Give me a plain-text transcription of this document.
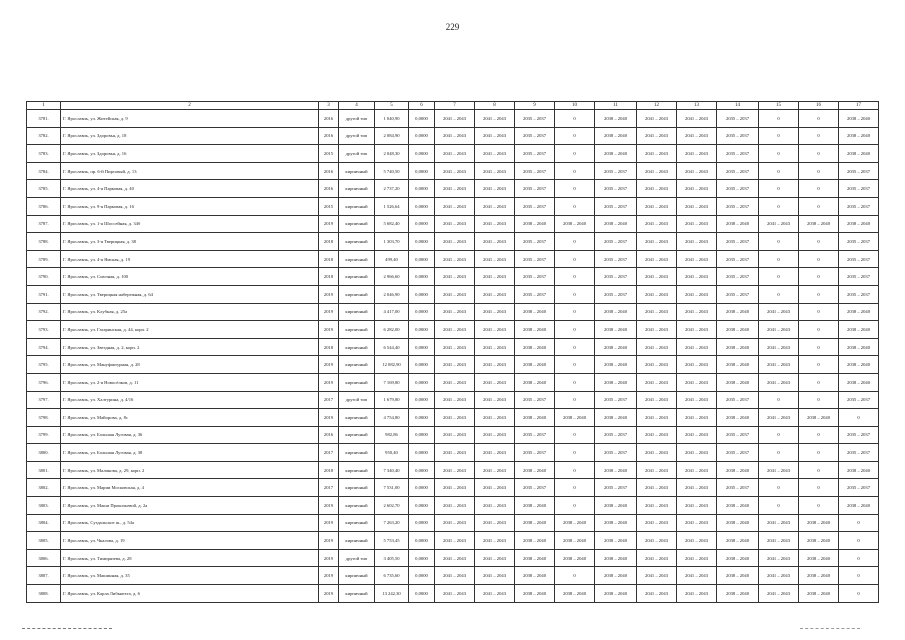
229
1	2	3	4	5	6	7	8	9	10	11	12	13	14	15	16	17
3781.	Г. Ярославль, ул. Житейская, д. 9	2016	другой тип	1 040,90	0,0000	2041 – 2043	2041 – 2043	2035 – 2037	0	2038 – 2040	2041 – 2043	2041 – 2043	2035 – 2037	0	0	2038 – 2040
3782.	Г. Ярославль, ул. Здоровья, д. 18	2016	другой тип	2 084,90	0,0000	2041 – 2043	2041 – 2043	2035 – 2037	0	2038 – 2040	2041 – 2043	2041 – 2043	2035 – 2037	0	0	2038 – 2040
3783.	Г. Ярославль, ул. Здоровья, д. 16	2015	другой тип	2 048,30	0,0000	2041 – 2043	2041 – 2043	2035 – 2037	0	2038 – 2040	2041 – 2043	2041 – 2043	2035 – 2037	0	0	2038 – 2040
3784.	Г. Ярославль, пр. 6-й Пирсовый, д. 13	2016	кирпичный	5 740,50	0,0000	2041 – 2043	2041 – 2043	2035 – 2037	0	2035 – 2037	2041 – 2043	2041 – 2043	2035 – 2037	0	0	2035 – 2037
3785.	Г. Ярославль, ул. 4-я Парковая, д. 40	2016	кирпичный	2 737,20	0,0000	2041 – 2043	2041 – 2043	2035 – 2037	0	2035 – 2037	2041 – 2043	2041 – 2043	2035 – 2037	0	0	2035 – 2037
3786.	Г. Ярославль, ул. 9-я Парковая, д. 16	2015	кирпичный	1 526,64	0,0000	2041 – 2043	2041 – 2043	2035 – 2037	0	2035 – 2037	2041 – 2043	2041 – 2043	2035 – 2037	0	0	2035 – 2037
3787.	Г. Ярославль, ул. 1-я Шоссейная, д. 34б	2019	кирпичный	5 682,40	0,0000	2041 – 2043	2041 – 2043	2038 – 2040	2038 – 2040	2038 – 2040	2041 – 2043	2041 – 2043	2038 – 2040	2041 – 2043	2038 – 2040	2038 – 2040
3788.	Г. Ярославль, ул. 3-я Тверицкая, д. 38	2018	кирпичный	1 303,70	0,0000	2041 – 2043	2041 – 2043	2035 – 2037	0	2035 – 2037	2041 – 2043	2041 – 2043	2035 – 2037	0	0	2035 – 2037
3789.	Г. Ярославль, ул. 4-я Ямская, д. 19	2018	кирпичный	499,40	0,0000	2041 – 2043	2041 – 2043	2035 – 2037	0	2035 – 2037	2041 – 2043	2041 – 2043	2035 – 2037	0	0	2035 – 2037
3790.	Г. Ярославль, ул. Союзная, д. 100	2018	кирпичный	2 966,60	0,0000	2041 – 2043	2041 – 2043	2035 – 2037	0	2035 – 2037	2041 – 2043	2041 – 2043	2035 – 2037	0	0	2035 – 2037
3791.	Г. Ярославль, ул. Тверицкая набережная, д. 64	2019	кирпичный	2 046,90	0,0000	2041 – 2043	2041 – 2043	2035 – 2037	0	2035 – 2037	2041 – 2043	2041 – 2043	2035 – 2037	0	0	2035 – 2037
3792.	Г. Ярославль, ул. Клубная, д. 25а	2019	кирпичный	4 417,00	0,0000	2041 – 2043	2041 – 2043	2038 – 2040	0	2038 – 2040	2041 – 2043	2041 – 2043	2038 – 2040	2041 – 2043	0	2038 – 2040
3793.	Г. Ярославль, ул. Гагаринская, д. 44, корп. 2	2019	кирпичный	6 282,00	0,0000	2041 – 2043	2041 – 2043	2038 – 2040	0	2038 – 2040	2041 – 2043	2041 – 2043	2038 – 2040	2041 – 2043	0	2038 – 2040
3794.	Г. Ярославль, ул. Звездная, д. 2, корп. 2	2018	кирпичный	6 544,40	0,0000	2041 – 2043	2041 – 2043	2038 – 2040	0	2038 – 2040	2041 – 2043	2041 – 2043	2038 – 2040	2041 – 2043	0	2038 – 2040
3795.	Г. Ярославль, ул. Мануфактурная, д. 28	2019	кирпичный	12 082,90	0,0000	2041 – 2043	2041 – 2043	2038 – 2040	0	2038 – 2040	2041 – 2043	2041 – 2043	2038 – 2040	2041 – 2043	0	2038 – 2040
3796.	Г. Ярославль, ул. 2-я Новосёлков, д. 11	2019	кирпичный	7 169,80	0,0000	2041 – 2043	2041 – 2043	2038 – 2040	0	2038 – 2040	2041 – 2043	2041 – 2043	2038 – 2040	2041 – 2043	0	2038 – 2040
3797.	Г. Ярославль, ул. Халтурина, д. 4/16	2017	другой тип	1 679,80	0,0000	2041 – 2043	2041 – 2043	2035 – 2037	0	2035 – 2037	2041 – 2043	2041 – 2043	2035 – 2037	0	0	2035 – 2037
3798.	Г. Ярославль, ул. Майорова, д. 8с	2019	кирпичный	4 754,80	0,0000	2041 – 2043	2041 – 2043	2038 – 2040	2038 – 2040	2038 – 2040	2041 – 2043	2041 – 2043	2038 – 2040	2041 – 2043	2038 – 2040	0
3799.	Г. Ярославль, ул. Большая Луговая, д. 36	2016	кирпичный	982,86	0,0000	2041 – 2043	2041 – 2043	2035 – 2037	0	2035 – 2037	2041 – 2043	2041 – 2043	2035 – 2037	0	0	2035 – 2037
3800.	Г. Ярославль, ул. Большая Луговая, д. 38	2017	кирпичный	950,40	0,0000	2041 – 2043	2041 – 2043	2035 – 2037	0	2035 – 2037	2041 – 2043	2041 – 2043	2035 – 2037	0	0	2035 – 2037
3801.	Г. Ярославль, ул. Малинова, д. 29, корп. 2	2018	кирпичный	7 340,40	0,0000	2041 – 2043	2041 – 2043	2038 – 2040	0	2038 – 2040	2041 – 2043	2041 – 2043	2038 – 2040	2041 – 2043	0	2038 – 2040
3802.	Г. Ярославль, ул. Марии Московская, д. 4	2017	кирпичный	7 531,00	0,0000	2041 – 2043	2041 – 2043	2035 – 2037	0	2035 – 2037	2041 – 2043	2041 – 2043	2035 – 2037	0	0	2035 – 2037
3803.	Г. Ярославль, ул. Маши Прокопьевой, д. 2а	2019	кирпичный	2 602,70	0,0000	2041 – 2043	2041 – 2043	2038 – 2040	0	2038 – 2040	2041 – 2043	2041 – 2043	2038 – 2040	0	0	2038 – 2040
3804.	Г. Ярославль, Суздальское ш., д. 54а	2019	кирпичный	7 263,20	0,0000	2041 – 2043	2041 – 2043	2038 – 2040	2038 – 2040	2038 – 2040	2041 – 2043	2041 – 2043	2038 – 2040	2041 – 2043	2038 – 2040	0
3805.	Г. Ярославль, ул. Чкалова, д. 19	2019	кирпичный	5 753,45	0,0000	2041 – 2043	2041 – 2043	2038 – 2040	2038 – 2040	2038 – 2040	2041 – 2043	2041 – 2043	2038 – 2040	2041 – 2043	2038 – 2040	0
3806.	Г. Ярославль, ул. Тимирязева, д. 28	2019	другой тип	3 405,50	0,0000	2041 – 2043	2041 – 2043	2038 – 2040	2038 – 2040	2038 – 2040	2041 – 2043	2041 – 2043	2038 – 2040	2041 – 2043	2038 – 2040	0
3807.	Г. Ярославль, ул. Машинная, д. 35	2019	кирпичный	6 735,60	0,0000	2041 – 2043	2041 – 2043	2038 – 2040	0	2038 – 2040	2041 – 2043	2041 – 2043	2038 – 2040	2041 – 2043	2038 – 2040	0
3808.	Г. Ярославль, ул. Карла Либкнехта, д. 6	2019	кирпичный	13 242,30	0,0000	2041 – 2043	2041 – 2043	2038 – 2040	2038 – 2040	2038 – 2040	2041 – 2043	2041 – 2043	2038 – 2040	2041 – 2043	2038 – 2040	0
